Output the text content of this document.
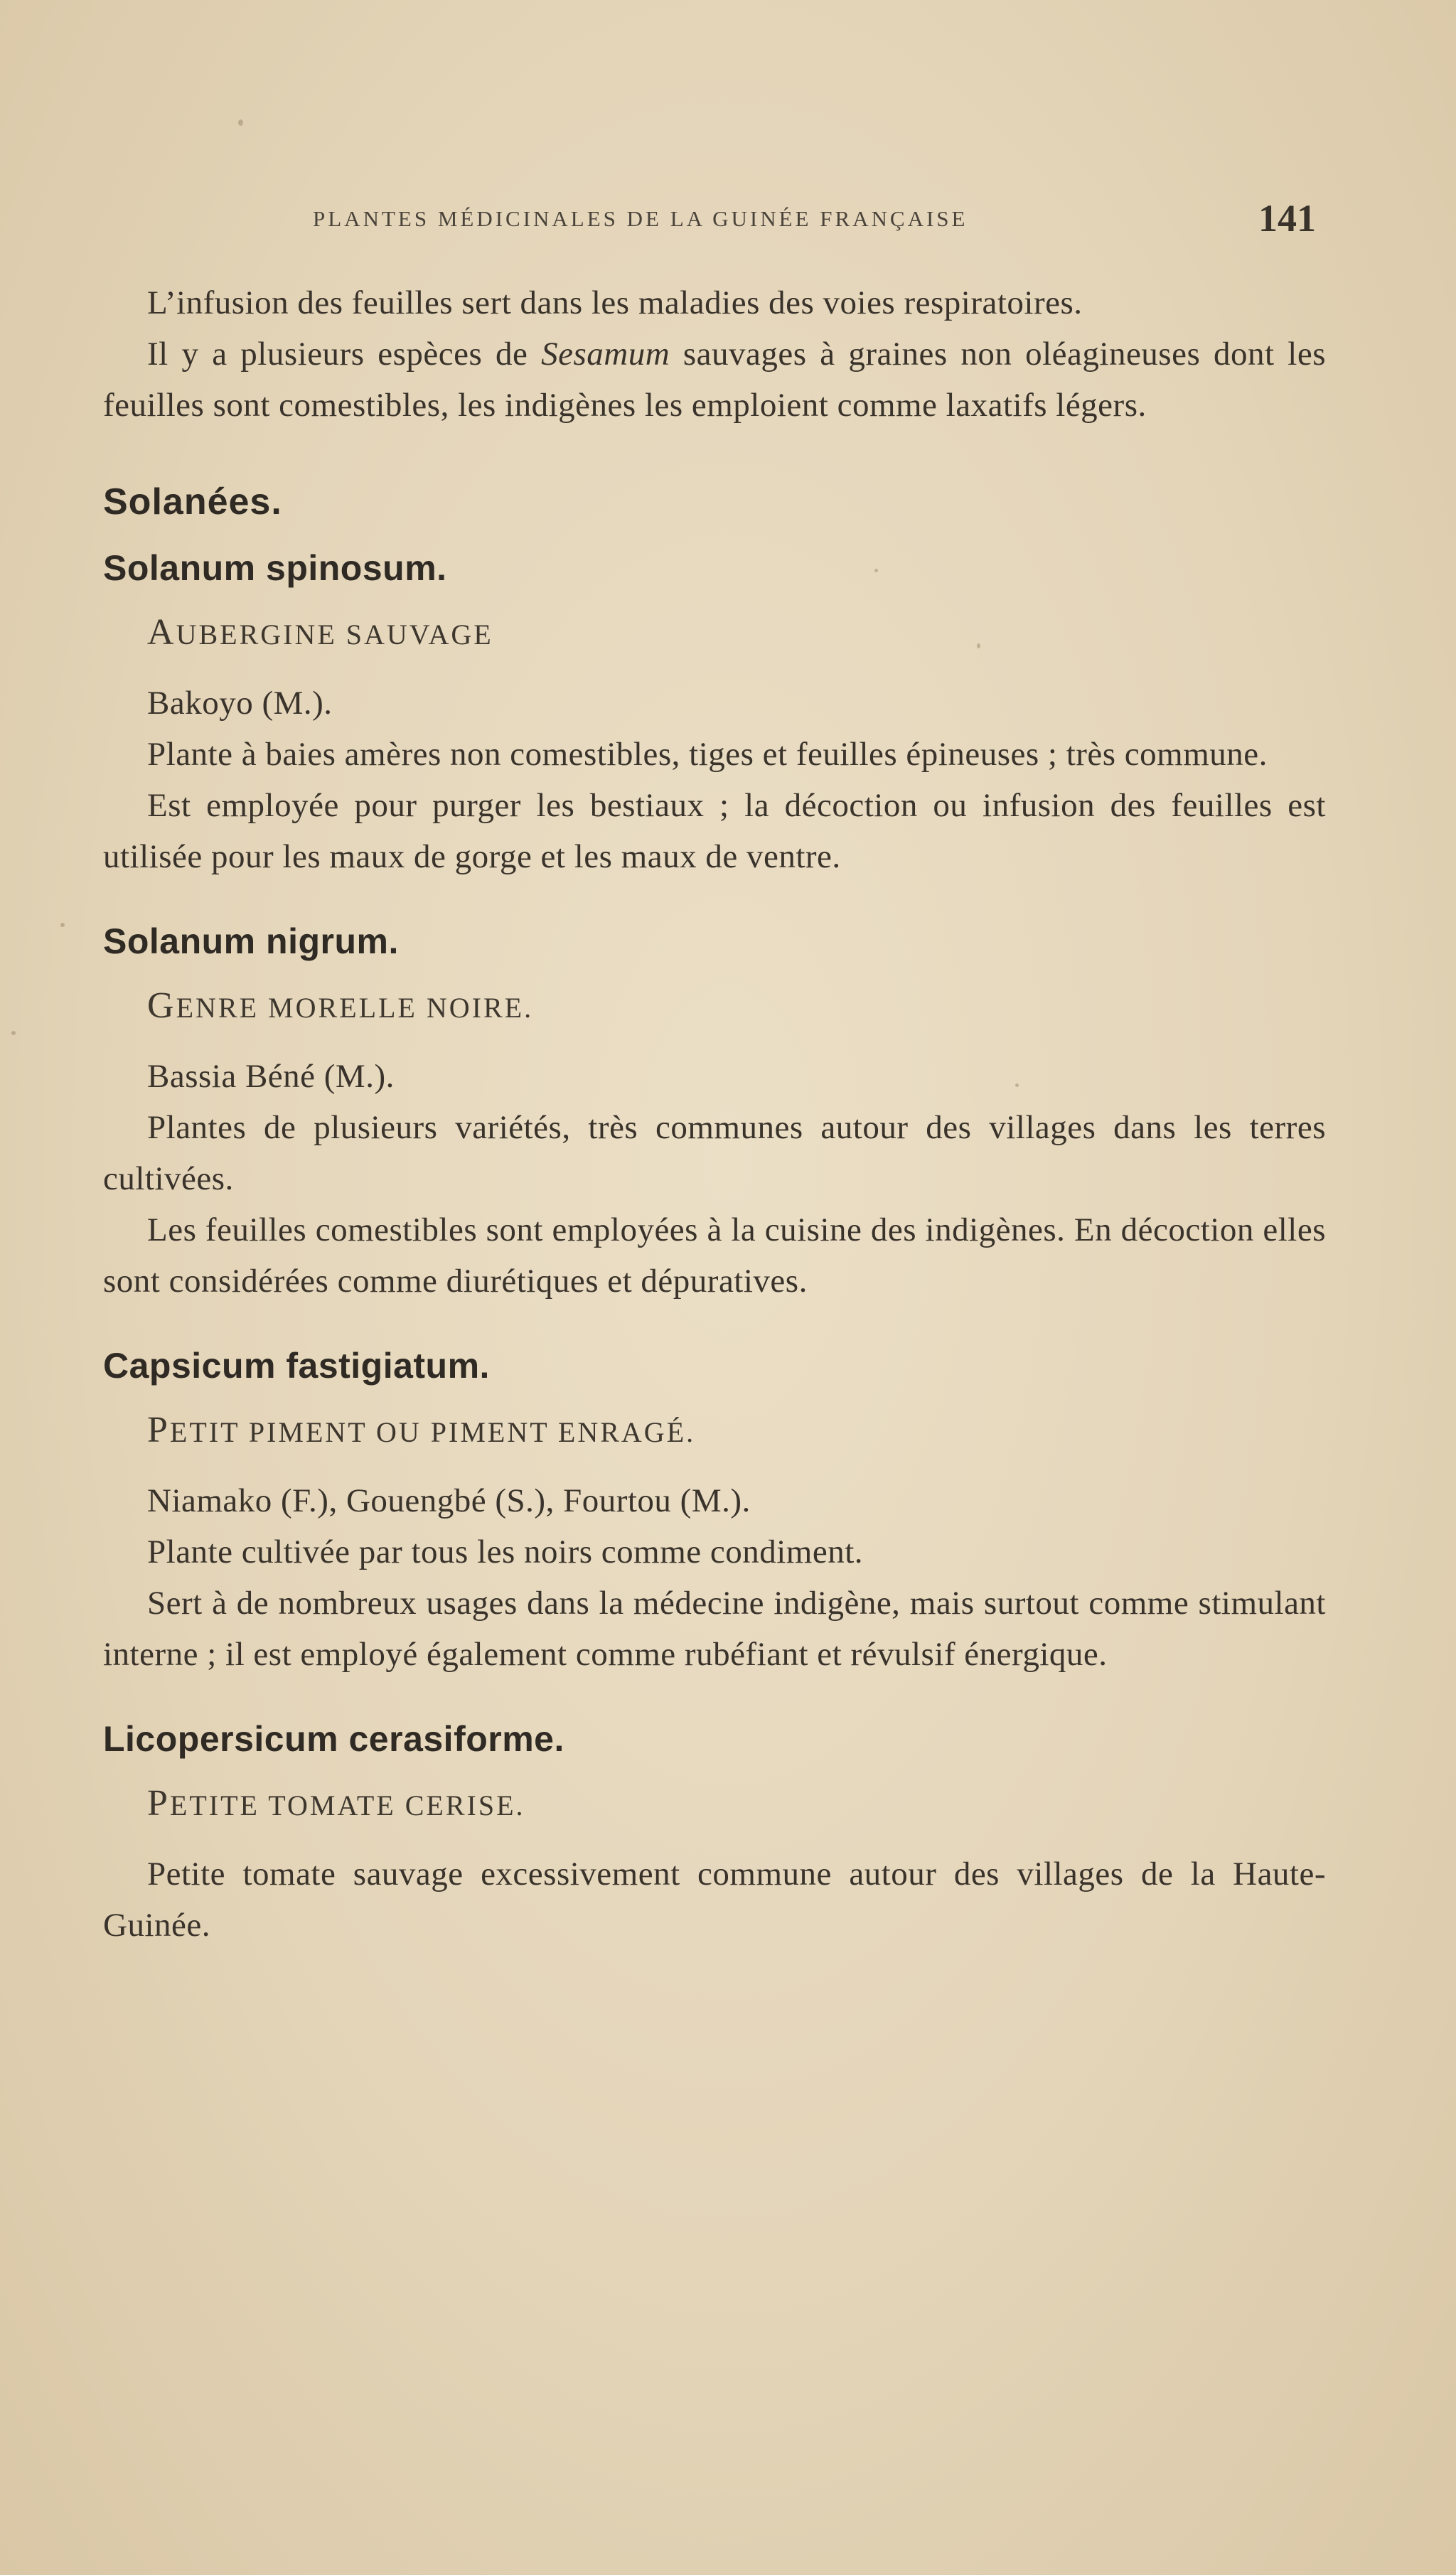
PLANTES MÉDICINALES DE LA GUINÉE FRANÇAISE	141

L’infusion des feuilles sert dans les maladies des voies respiratoires.

Il y a plusieurs espèces de Sesamum sauvages à graines non oléagineuses dont les feuilles sont comestibles, les indigènes les emploient comme laxatifs légers.

Solanées.
Solanum spinosum.
AUBERGINE SAUVAGE

Bakoyo (M.).

Plante à baies amères non comestibles, tiges et feuilles épineuses ; très commune.

Est employée pour purger les bestiaux ; la décoction ou infusion des feuilles est utilisée pour les maux de gorge et les maux de ventre.

Solanum nigrum.
GENRE MORELLE NOIRE.

Bassia Béné (M.).

Plantes de plusieurs variétés, très communes autour des villages dans les terres cultivées.

Les feuilles comestibles sont employées à la cuisine des indigènes. En décoction elles sont considérées comme diurétiques et dépuratives.

Capsicum fastigiatum.
PETIT PIMENT OU PIMENT ENRAGÉ.

Niamako (F.), Gouengbé (S.), Fourtou (M.).

Plante cultivée par tous les noirs comme condiment.

Sert à de nombreux usages dans la médecine indigène, mais surtout comme stimulant interne ; il est employé également comme rubéfiant et révulsif énergique.

Licopersicum cerasiforme.
PETITE TOMATE CERISE.

Petite tomate sauvage excessivement commune autour des villages de la Haute-Guinée.
